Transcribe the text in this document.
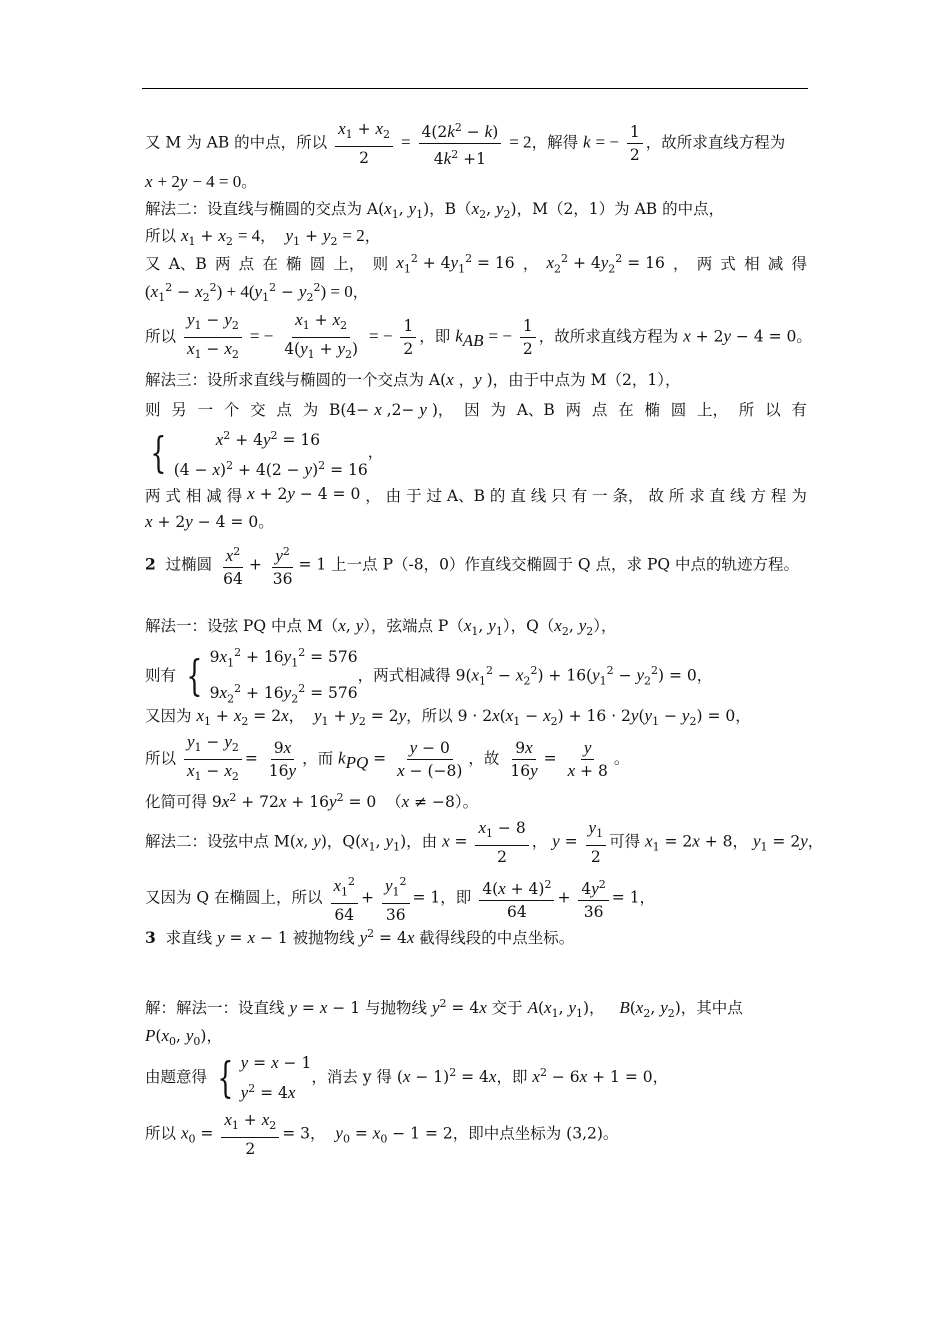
又 M 为 AB 的中点，所以 $\frac{x_1 + x_2}{2} = \frac{4(2k^2 - k)}{4k^2 +1} = 2$，解得 k = − $\frac{1}{2}$ ，故所求直线方程为
x + 2y − 4 = 0。
解法二：设直线与椭圆的交点为 $A(x_1$, $y_1$)，$B(x_2$, $y_2$)，M（2，1）为 AB 的中点，
所以 $x_1 + x_2 = 4$，  $y_1 + y_2 = 2$，
又 A、B 两 点 在 椭 圆 上， 则 $x_1^2 + 4y_1^2 = 16$ ， $x_2^2 + 4y_2^2 = 16$ ， 两 式 相 减 得
$(x_1^2 - x_2^2) + 4(y_1^2 - y_2^2) = 0$，
所以 $\frac{y_1 - y_2}{x_1 - x_2}$ = − $\frac{x_1 + x_2}{4(y_1 + y_2)}$ = − $\frac{1}{2}$ ，即 $k_{AB}$ = − $\frac{1}{2}$ ，故所求直线方程为 x + 2y − 4 = 0。
解法三：设所求直线与椭圆的一个交点为 A(x ，y )，由于中点为 M（2，1），
则 另 一 个 交 点 为 B(4− x ,2− y )， 因 为 A、B 两 点 在 椭 圆 上， 所 以 有
{	$x^2 + 4y^2 = 16$
$(4 - x)^2 + 4(2 - y)^2 = 16$
，
两 式 相 减 得 x + 2y − 4 = 0 ， 由 于 过 A、B 的 直 线 只 有 一 条， 故 所 求 直 线 方 程 为
x + 2y − 4 = 0。
2  过椭圆 $\frac{x^2}{64} + \frac{y^2}{36} = 1$ 上一点 P（-8，0）作直线交椭圆于 Q 点，求 PQ 中点的轨迹方程。
解法一：设弦 PQ 中点 M（x, y），弦端点 $P(x_1$, $y_1$），$Q(x_2$, $y_2$），
则有 { $9x_1^2 + 16y_1^2 = 576$
$9x_2^2 + 16y_2^2 = 576$
，两式相减得 $9(x_1^2 - x_2^2) + 16(y_1^2 - y_2^2) = 0$，
又因为 $x_1 + x_2 = 2x$，  $y_1 + y_2 = 2y$，所以 $9 \cdot 2x(x_1 - x_2) + 16 \cdot 2y(y_1 - y_2) = 0$，
所以 $\frac{y_1 - y_2}{x_1 - x_2} = \frac{9x}{16y}$ ，而 $k_{PQ} = \frac{y - 0}{x - (-8)}$ ，故 $\frac{9x}{16y} = \frac{y}{x + 8}$ 。
化简可得 $9x^2 + 72x + 16y^2 = 0$  （x ≠ −8）。
解法二：设弦中点 M(x, y)，$Q(x_1$, $y_1$)，由 $x = \frac{x_1 - 8}{2}$ ， $y = \frac{y_1}{2}$ 可得 $x_1 = 2x + 8$， $y_1 = 2y$，
又因为 Q 在椭圆上，所以 $\frac{x_1^2}{64} + \frac{y_1^2}{36} = 1$，即 $\frac{4(x + 4)^2}{64} + \frac{4y^2}{36} = 1$，
3  求直线 y = x − 1 被抛物线 $y^2 = 4x$ 截得线段的中点坐标。
解：解法一：设直线 y = x − 1 与抛物线 $y^2 = 4x$ 交于 $A(x_1$, $y_1$)，   $B(x_2$, $y_2$)，其中点
$P(x_0$, $y_0$)，
由题意得 { y = x − 1
$y^2 = 4x$
，消去 y 得 $(x - 1)^2 = 4x$，即 $x^2 - 6x + 1 = 0$，
所以 $x_0 = \frac{x_1 + x_2}{2} = 3$，  $y_0 = x_0 - 1 = 2$，即中点坐标为 (3,2)。
